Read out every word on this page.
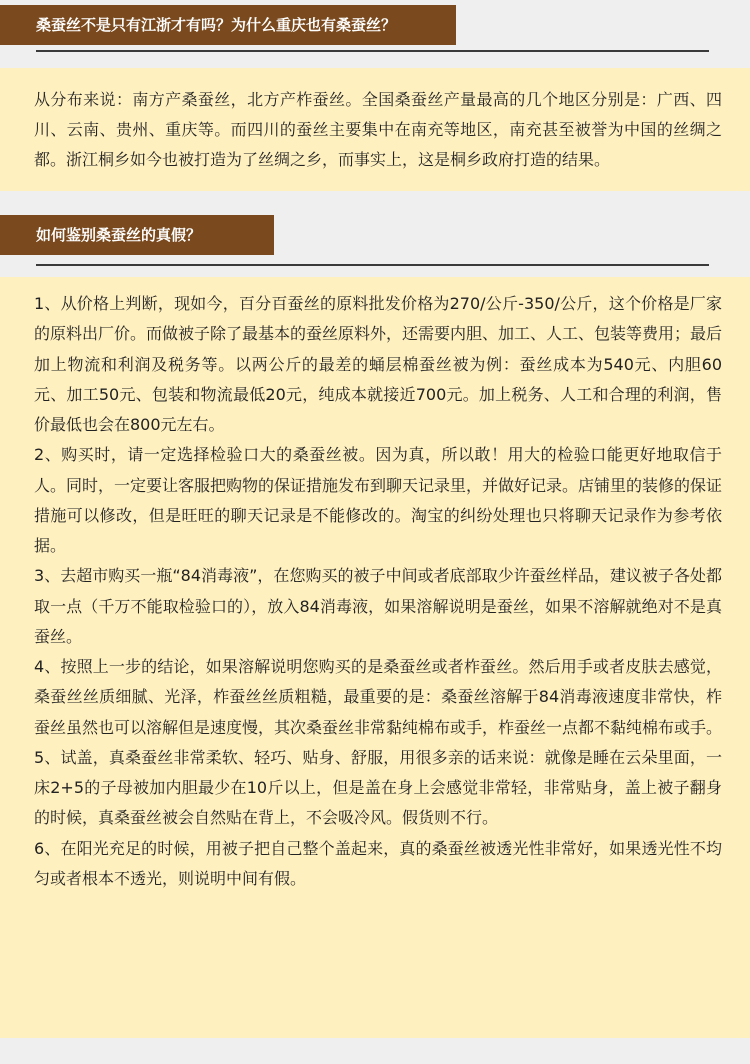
桑蚕丝不是只有江浙才有吗？为什么重庆也有桑蚕丝？

从分布来说：南方产桑蚕丝，北方产柞蚕丝。全国桑蚕丝产量最高的几个地区分别是：广西、四川、云南、贵州、重庆等。而四川的蚕丝主要集中在南充等地区，南充甚至被誉为中国的丝绸之都。浙江桐乡如今也被打造为了丝绸之乡，而事实上，这是桐乡政府打造的结果。

如何鉴别桑蚕丝的真假？

1、从价格上判断，现如今，百分百蚕丝的原料批发价格为270/公斤-350/公斤，这个价格是厂家的原料出厂价。而做被子除了最基本的蚕丝原料外，还需要内胆、加工、人工、包装等费用；最后加上物流和利润及税务等。以两公斤的最差的蛹层棉蚕丝被为例：蚕丝成本为540元、内胆60元、加工50元、包装和物流最低20元，纯成本就接近700元。加上税务、人工和合理的利润，售价最低也会在800元左右。

2、购买时，请一定选择检验口大的桑蚕丝被。因为真，所以敢！用大的检验口能更好地取信于人。同时，一定要让客服把购物的保证措施发布到聊天记录里，并做好记录。店铺里的装修的保证措施可以修改，但是旺旺的聊天记录是不能修改的。淘宝的纠纷处理也只将聊天记录作为参考依据。

3、去超市购买一瓶“84消毒液”，在您购买的被子中间或者底部取少许蚕丝样品，建议被子各处都取一点（千万不能取检验口的），放入84消毒液，如果溶解说明是蚕丝，如果不溶解就绝对不是真蚕丝。

4、按照上一步的结论，如果溶解说明您购买的是桑蚕丝或者柞蚕丝。然后用手或者皮肤去感觉，桑蚕丝丝质细腻、光泽，柞蚕丝丝质粗糙，最重要的是：桑蚕丝溶解于84消毒液速度非常快，柞蚕丝虽然也可以溶解但是速度慢，其次桑蚕丝非常黏纯棉布或手，柞蚕丝一点都不黏纯棉布或手。

5、试盖，真桑蚕丝非常柔软、轻巧、贴身、舒服，用很多亲的话来说：就像是睡在云朵里面，一床2+5的子母被加内胆最少在10斤以上，但是盖在身上会感觉非常轻，非常贴身，盖上被子翻身的时候，真桑蚕丝被会自然贴在背上，不会吸冷风。假货则不行。

6、在阳光充足的时候，用被子把自己整个盖起来，真的桑蚕丝被透光性非常好，如果透光性不均匀或者根本不透光，则说明中间有假。
